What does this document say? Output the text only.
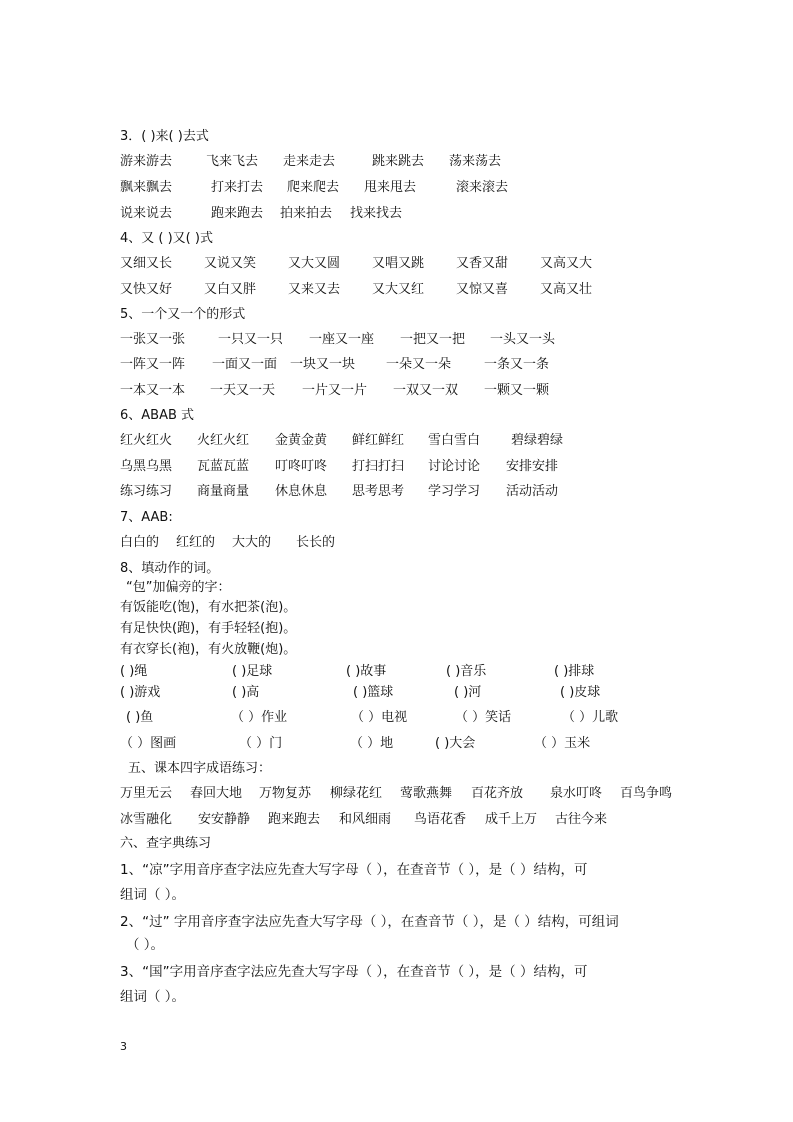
3．( )来( )去式
游来游去	飞来飞去 走来走去	跳来跳去 荡来荡去
飘来飘去	打来打去 爬来爬去 甩来甩去	滚来滚去
说来说去	跑来跑去 拍来拍去 找来找去
4、又 ( )又( )式
又细又长 又说又笑 又大又圆 又唱又跳 又香又甜 又高又大
又快又好 又白又胖 又来又去 又大又红 又惊又喜 又高又壮
5、一个又一个的形式
一张又一张	一只又一只 一座又一座 一把又一把 一头又一头
一阵又一阵 一面又一面 一块又一块 一朵又一朵	一条又一条
一本又一本 一天又一天 一片又一片 一双又一双 一颗又一颗
6、ABAB 式
红火红火 火红火红 金黄金黄 鲜红鲜红 雪白雪白 碧绿碧绿
乌黑乌黑 瓦蓝瓦蓝 叮咚叮咚 打扫打扫 讨论讨论 安排安排
练习练习 商量商量 休息休息 思考思考 学习学习 活动活动
7、AAB:
白白的 红红的 大大的 长长的
8、填动作的词。
“包”加偏旁的字：
有饭能吃(饱)，有水把茶(泡)。
有足快快(跑)，有手轻轻(抱)。
有衣穿长(袍)，有火放鞭(炮)。
( )绳	( )足球	( )故事	( )音乐	( )排球
( )游戏	( )高	( )篮球	( )河	( )皮球
( )鱼	（ ）作业	（ ）电视	（ ）笑话	（ ）儿歌
（ ）图画	（ ）门	（ ）地	( )大会	（ ）玉米
五、课本四字成语练习：
万里无云 春回大地 万物复苏 柳绿花红 莺歌燕舞 百花齐放 泉水叮咚 百鸟争鸣
冰雪融化 安安静静 跑来跑去 和风细雨 鸟语花香 成千上万 古往今来
六、查字典练习
1、“凉”字用音序查字法应先查大写字母（ ），在查音节（ ），是（ ）结构，可
组词（ ）。
2、“过” 字用音序查字法应先查大写字母（ ），在查音节（ ），是（ ）结构，可组词
（ ）。
3、“国”字用音序查字法应先查大写字母（ ），在查音节（ ），是（ ）结构，可
组词（ ）。
3
